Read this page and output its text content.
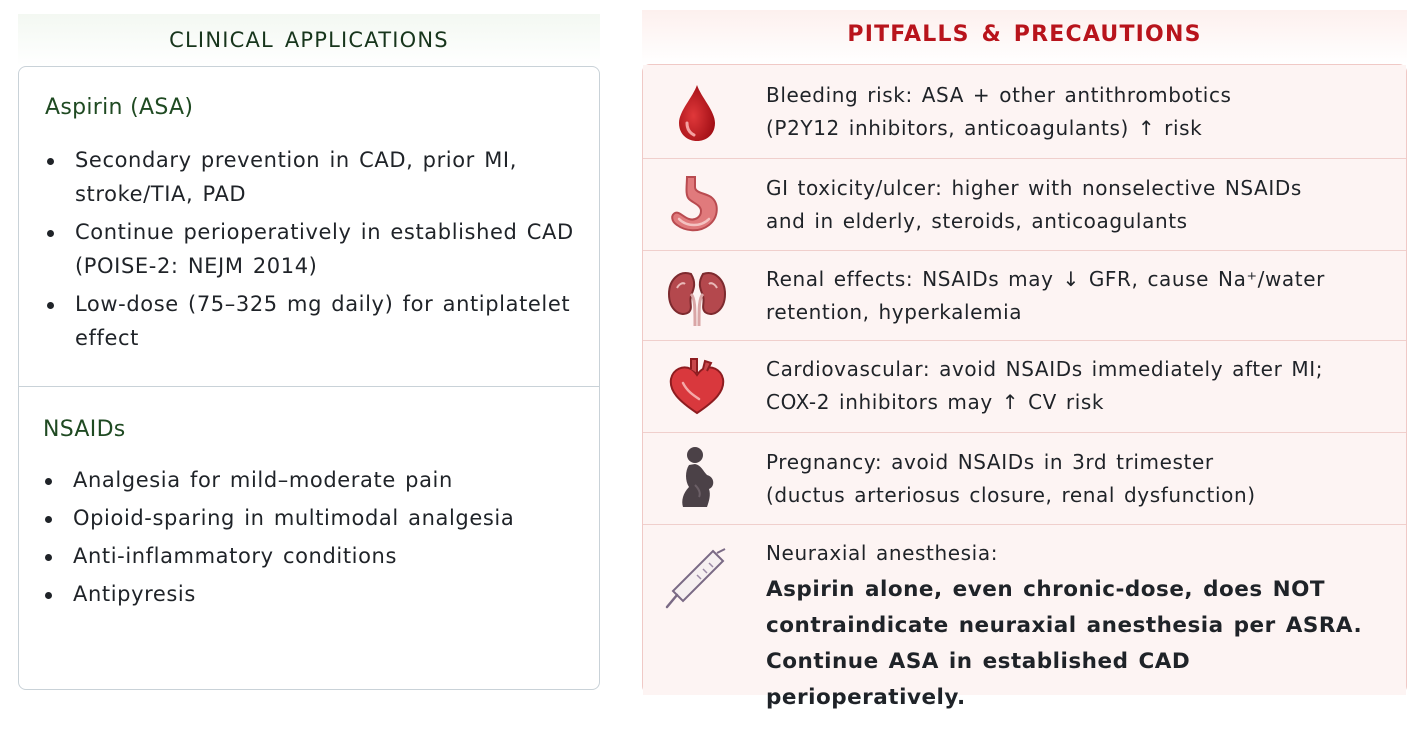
CLINICAL APPLICATIONS
Aspirin (ASA)
Secondary prevention in CAD, prior MI, stroke/TIA, PAD
Continue perioperatively in established CAD (POISE-2: NEJM 2014)
Low-dose (75–325 mg daily) for antiplatelet effect
NSAIDs
Analgesia for mild–moderate pain
Opioid-sparing in multimodal analgesia
Anti-inflammatory conditions
Antipyresis
PITFALLS & PRECAUTIONS
Bleeding risk: ASA + other antithrombotics
(P2Y12 inhibitors, anticoagulants) ↑ risk
GI toxicity/ulcer: higher with nonselective NSAIDs
and in elderly, steroids, anticoagulants
Renal effects: NSAIDs may ↓ GFR, cause Na⁺/water
retention, hyperkalemia
Cardiovascular: avoid NSAIDs immediately after MI;
COX-2 inhibitors may ↑ CV risk
Pregnancy: avoid NSAIDs in 3rd trimester
(ductus arteriosus closure, renal dysfunction)
Neuraxial anesthesia:
Aspirin alone, even chronic-dose, does NOT
contraindicate neuraxial anesthesia per ASRA.
Continue ASA in established CAD perioperatively.
